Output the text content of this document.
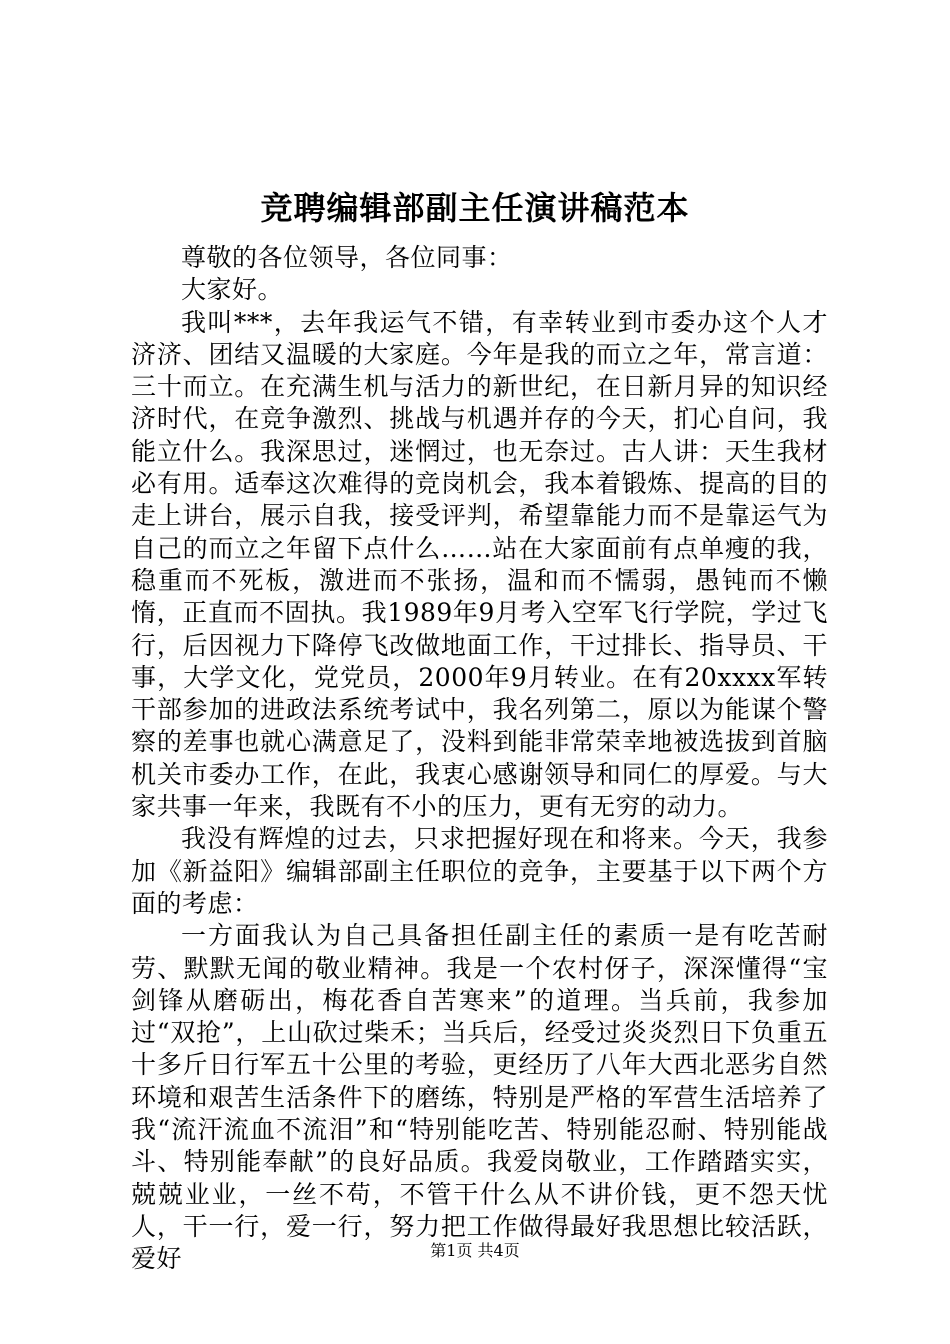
竞聘编辑部副主任演讲稿范本

尊敬的各位领导，各位同事：

大家好。

我叫***，去年我运气不错，有幸转业到市委办这个人才济济、团结又温暖的大家庭。今年是我的而立之年，常言道：三十而立。在充满生机与活力的新世纪，在日新月异的知识经济时代，在竞争激烈、挑战与机遇并存的今天，扪心自问，我能立什么。我深思过，迷惘过，也无奈过。古人讲：天生我材必有用。适奉这次难得的竞岗机会，我本着锻炼、提高的目的走上讲台，展示自我，接受评判，希望靠能力而不是靠运气为自己的而立之年留下点什么……站在大家面前有点单瘦的我，稳重而不死板，激进而不张扬，温和而不懦弱，愚钝而不懒惰，正直而不固执。我1989年9月考入空军飞行学院，学过飞行，后因视力下降停飞改做地面工作，干过排长、指导员、干事，大学文化，党党员，2000年9月转业。在有20xxxx军转干部参加的进政法系统考试中，我名列第二，原以为能谋个警察的差事也就心满意足了，没料到能非常荣幸地被选拔到首脑机关市委办工作，在此，我衷心感谢领导和同仁的厚爱。与大家共事一年来，我既有不小的压力，更有无穷的动力。

我没有辉煌的过去，只求把握好现在和将来。今天，我参加《新益阳》编辑部副主任职位的竞争，主要基于以下两个方面的考虑：

一方面我认为自己具备担任副主任的素质一是有吃苦耐劳、默默无闻的敬业精神。我是一个农村伢子，深深懂得“宝剑锋从磨砺出，梅花香自苦寒来”的道理。当兵前，我参加过“双抢”，上山砍过柴禾；当兵后，经受过炎炎烈日下负重五十多斤日行军五十公里的考验，更经历了八年大西北恶劣自然环境和艰苦生活条件下的磨练，特别是严格的军营生活培养了我“流汗流血不流泪”和“特别能吃苦、特别能忍耐、特别能战斗、特别能奉献”的良好品质。我爱岗敬业，工作踏踏实实，兢兢业业，一丝不苟，不管干什么从不讲价钱，更不怨天忧人，干一行，爱一行，努力把工作做得最好我思想比较活跃，爱好	第1页 共4页
